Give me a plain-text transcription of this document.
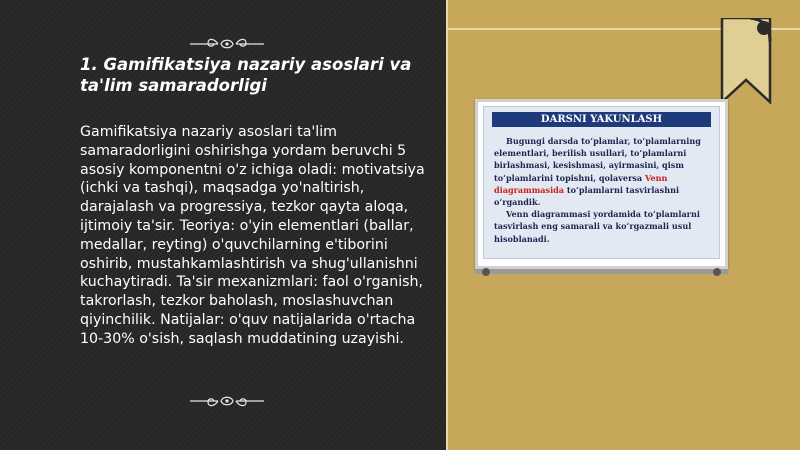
1. Gamifikatsiya nazariy asoslari va
ta'lim samaradorligi

Gamifikatsiya nazariy asoslari ta'lim samaradorligini oshirishga yordam beruvchi 5 asosiy komponentni o'z ichiga oladi: motivatsiya (ichki va tashqi), maqsadga yo'naltirish, darajalash va progressiya, tezkor qayta aloqa, ijtimoiy ta'sir. Teoriya: o'yin elementlari (ballar, medallar, reyting) o'quvchilarning e'tiborini oshirib, mustahkamlashtirish va shug'ullanishni kuchaytiradi. Ta'sir mexanizmlari: faol o'rganish, takrorlash, tezkor baholash, moslashuvchan qiyinchilik. Natijalar: o'quv natijalarida o'rtacha 10-30% o'sish, saqlash muddatining uzayishi.

DARSNI YAKUNLASH

Bugungi darsda to‘plamlar, to‘plamlarning elementlari, berilish usullari, to‘plamlarni birlashmasi, kesishmasi, ayirmasini, qism to‘plamlarini topishni, qolaversa Venn diagrammasida to‘plamlarni tasvirlashni o‘rgandik.

Venn diagrammasi yordamida to‘plamlarni tasvirlash eng samarali va ko‘rgazmali usul hisoblanadi.
